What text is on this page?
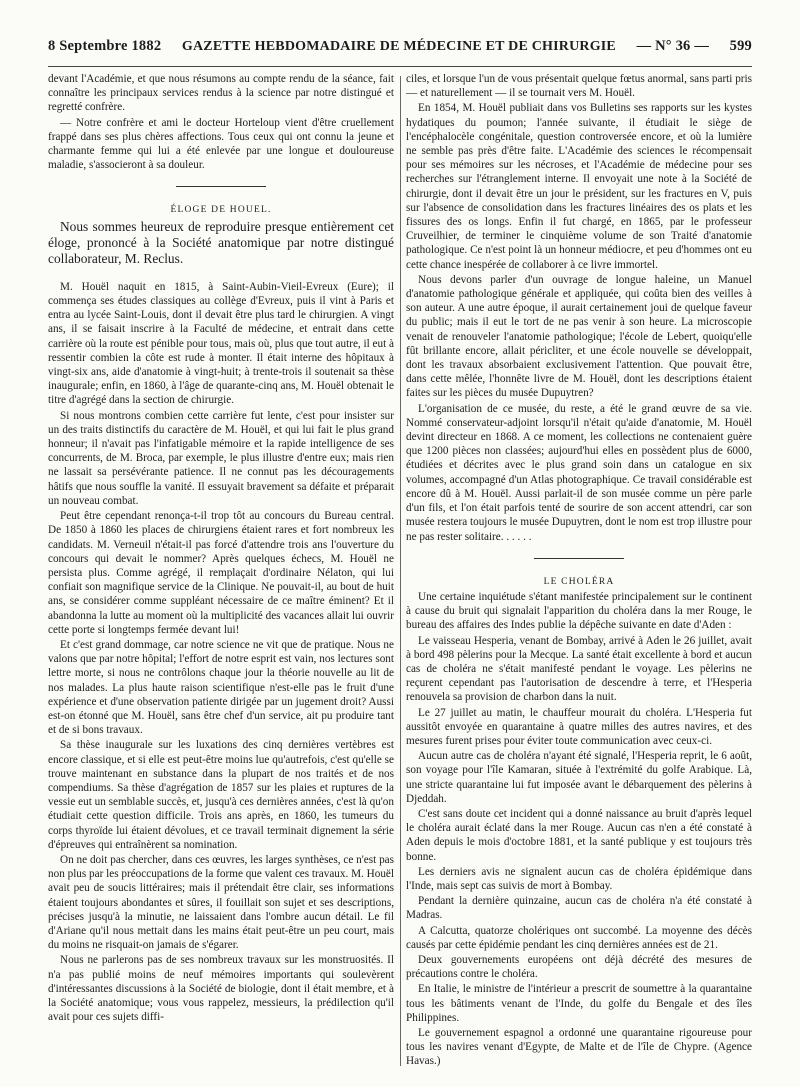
8 Septembre 1882 GAZETTE HEBDOMADAIRE DE MÉDECINE ET DE CHIRURGIE — N° 36 — 599

devant l'Académie, et que nous résumons au compte rendu de la séance, fait connaître les principaux services rendus à la science par notre distingué et regretté confrère.

— Notre confrère et ami le docteur Horteloup vient d'être cruellement frappé dans ses plus chères affections. Tous ceux qui ont connu la jeune et charmante femme qui lui a été enlevée par une longue et douloureuse maladie, s'associeront à sa douleur.

ÉLOGE DE HOUEL.

Nous sommes heureux de reproduire presque entièrement cet éloge, prononcé à la Société anatomique par notre distingué collaborateur, M. Reclus.

M. Houël naquit en 1815, à Saint-Aubin-Vieil-Evreux (Eure); il commença ses études classiques au collège d'Evreux, puis il vint à Paris et entra au lycée Saint-Louis, dont il devait être plus tard le chirurgien. A vingt ans, il se faisait inscrire à la Faculté de médecine, et entrait dans cette carrière où la route est pénible pour tous, mais où, plus que tout autre, il eut à ressentir combien la côte est rude à monter. Il était interne des hôpitaux à vingt-six ans, aide d'anatomie à vingt-huit; à trente-trois il soutenait sa thèse inaugurale; enfin, en 1860, à l'âge de quarante-cinq ans, M. Houël obtenait le titre d'agrégé dans la section de chirurgie.

Si nous montrons combien cette carrière fut lente, c'est pour insister sur un des traits distinctifs du caractère de M. Houël, et qui lui fait le plus grand honneur; il n'avait pas l'infatigable mémoire et la rapide intelligence de ses concurrents, de M. Broca, par exemple, le plus illustre d'entre eux; mais rien ne lassait sa persévérante patience. Il ne connut pas les découragements hâtifs que nous souffle la vanité. Il essuyait bravement sa défaite et préparait un nouveau combat.

Peut être cependant renonça-t-il trop tôt au concours du Bureau central. De 1850 à 1860 les places de chirurgiens étaient rares et fort nombreux les candidats. M. Verneuil n'était-il pas forcé d'attendre trois ans l'ouverture du concours qui devait le nommer? Après quelques échecs, M. Houël ne persista plus. Comme agrégé, il remplaçait d'ordinaire Nélaton, qui lui confiait son magnifique service de la Clinique. Ne pouvait-il, au bout de huit ans, se considérer comme suppléant nécessaire de ce maître éminent? Et il abandonna la lutte au moment où la multiplicité des vacances allait lui ouvrir cette porte si longtemps fermée devant lui!

Et c'est grand dommage, car notre science ne vit que de pratique. Nous ne valons que par notre hôpital; l'effort de notre esprit est vain, nos lectures sont lettre morte, si nous ne contrôlons chaque jour la théorie nouvelle au lit de nos malades. La plus haute raison scientifique n'est-elle pas le fruit d'une expérience et d'une observation patiente dirigée par un jugement droit? Aussi est-on étonné que M. Houël, sans être chef d'un service, ait pu produire tant et de si bons travaux.

Sa thèse inaugurale sur les luxations des cinq dernières vertèbres est encore classique, et si elle est peut-être moins lue qu'autrefois, c'est qu'elle se trouve maintenant en substance dans la plupart de nos traités et de nos compendiums. Sa thèse d'agrégation de 1857 sur les plaies et ruptures de la vessie eut un semblable succès, et, jusqu'à ces dernières années, c'est là qu'on étudiait cette question difficile. Trois ans après, en 1860, les tumeurs du corps thyroïde lui étaient dévolues, et ce travail terminait dignement la série d'épreuves qui entraînèrent sa nomination.

On ne doit pas chercher, dans ces œuvres, les larges synthèses, ce n'est pas non plus par les préoccupations de la forme que valent ces travaux. M. Houël avait peu de soucis littéraires; mais il prétendait être clair, ses informations étaient toujours abondantes et sûres, il fouillait son sujet et ses descriptions, précises jusqu'à la minutie, ne laissaient dans l'ombre aucun détail. Le fil d'Ariane qu'il nous mettait dans les mains était peut-être un peu court, mais du moins ne risquait-on jamais de s'égarer.

Nous ne parlerons pas de ses nombreux travaux sur les monstruosités. Il n'a pas publié moins de neuf mémoires importants qui soulevèrent d'intéressantes discussions à la Société de biologie, dont il était membre, et à la Société anatomique; vous vous rappelez, messieurs, la prédilection qu'il avait pour ces sujets diffi-

ciles, et lorsque l'un de vous présentait quelque fœtus anormal, sans parti pris — et naturellement — il se tournait vers M. Houël.

En 1854, M. Houël publiait dans vos Bulletins ses rapports sur les kystes hydatiques du poumon; l'année suivante, il étudiait le siège de l'encéphalocèle congénitale, question controversée encore, et où la lumière ne semble pas près d'être faite. L'Académie des sciences le récompensait pour ses mémoires sur les nécroses, et l'Académie de médecine pour ses recherches sur l'étranglement interne. Il envoyait une note à la Société de chirurgie, dont il devait être un jour le président, sur les fractures en V, puis sur l'absence de consolidation dans les fractures linéaires des os plats et les fissures des os longs. Enfin il fut chargé, en 1865, par le professeur Cruveilhier, de terminer le cinquième volume de son Traité d'anatomie pathologique. Ce n'est point là un honneur médiocre, et peu d'hommes ont eu cette chance inespérée de collaborer à ce livre immortel.

Nous devons parler d'un ouvrage de longue haleine, un Manuel d'anatomie pathologique générale et appliquée, qui coûta bien des veilles à son auteur. A une autre époque, il aurait certainement joui de quelque faveur du public; mais il eut le tort de ne pas venir à son heure. La microscopie venait de renouveler l'anatomie pathologique; l'école de Lebert, quoiqu'elle fût brillante encore, allait péricliter, et une école nouvelle se développait, dont les travaux absorbaient exclusivement l'attention. Que pouvait être, dans cette mêlée, l'honnête livre de M. Houël, dont les descriptions étaient faites sur les pièces du musée Dupuytren?

L'organisation de ce musée, du reste, a été le grand œuvre de sa vie. Nommé conservateur-adjoint lorsqu'il n'était qu'aide d'anatomie, M. Houël devint directeur en 1868. A ce moment, les collections ne contenaient guère que 1200 pièces non classées; aujourd'hui elles en possèdent plus de 6000, étudiées et décrites avec le plus grand soin dans un catalogue en six volumes, accompagné d'un Atlas photographique. Ce travail considérable est encore dû à M. Houël. Aussi parlait-il de son musée comme un père parle d'un fils, et l'on était parfois tenté de sourire de son accent attendri, car son musée restera toujours le musée Dupuytren, dont le nom est trop illustre pour ne pas rester solitaire. . . . . .

LE CHOLÉRA

Une certaine inquiétude s'étant manifestée principalement sur le continent à cause du bruit qui signalait l'apparition du choléra dans la mer Rouge, le bureau des affaires des Indes publie la dépêche suivante en date d'Aden :

Le vaisseau Hesperia, venant de Bombay, arrivé à Aden le 26 juillet, avait à bord 498 pèlerins pour la Mecque. La santé était excellente à bord et aucun cas de choléra ne s'était manifesté pendant le voyage. Les pèlerins ne reçurent cependant pas l'autorisation de descendre à terre, et l'Hesperia renouvela sa provision de charbon dans la nuit.

Le 27 juillet au matin, le chauffeur mourait du choléra. L'Hesperia fut aussitôt envoyée en quarantaine à quatre milles des autres navires, et des mesures furent prises pour éviter toute communication avec ceux-ci.

Aucun autre cas de choléra n'ayant été signalé, l'Hesperia reprit, le 6 août, son voyage pour l'île Kamaran, située à l'extrémité du golfe Arabique. Là, une stricte quarantaine lui fut imposée avant le débarquement des pèlerins à Djeddah.

C'est sans doute cet incident qui a donné naissance au bruit d'après lequel le choléra aurait éclaté dans la mer Rouge. Aucun cas n'en a été constaté à Aden depuis le mois d'octobre 1881, et la santé publique y est toujours très bonne.

Les derniers avis ne signalent aucun cas de choléra épidémique dans l'Inde, mais sept cas suivis de mort à Bombay.

Pendant la dernière quinzaine, aucun cas de choléra n'a été constaté à Madras.

A Calcutta, quatorze cholériques ont succombé. La moyenne des décès causés par cette épidémie pendant les cinq dernières années est de 21.

Deux gouvernements européens ont déjà décrété des mesures de précautions contre le choléra.

En Italie, le ministre de l'intérieur a prescrit de soumettre à la quarantaine tous les bâtiments venant de l'Inde, du golfe du Bengale et des îles Philippines.

Le gouvernement espagnol a ordonné une quarantaine rigoureuse pour tous les navires venant d'Egypte, de Malte et de l'île de Chypre. (Agence Havas.)
